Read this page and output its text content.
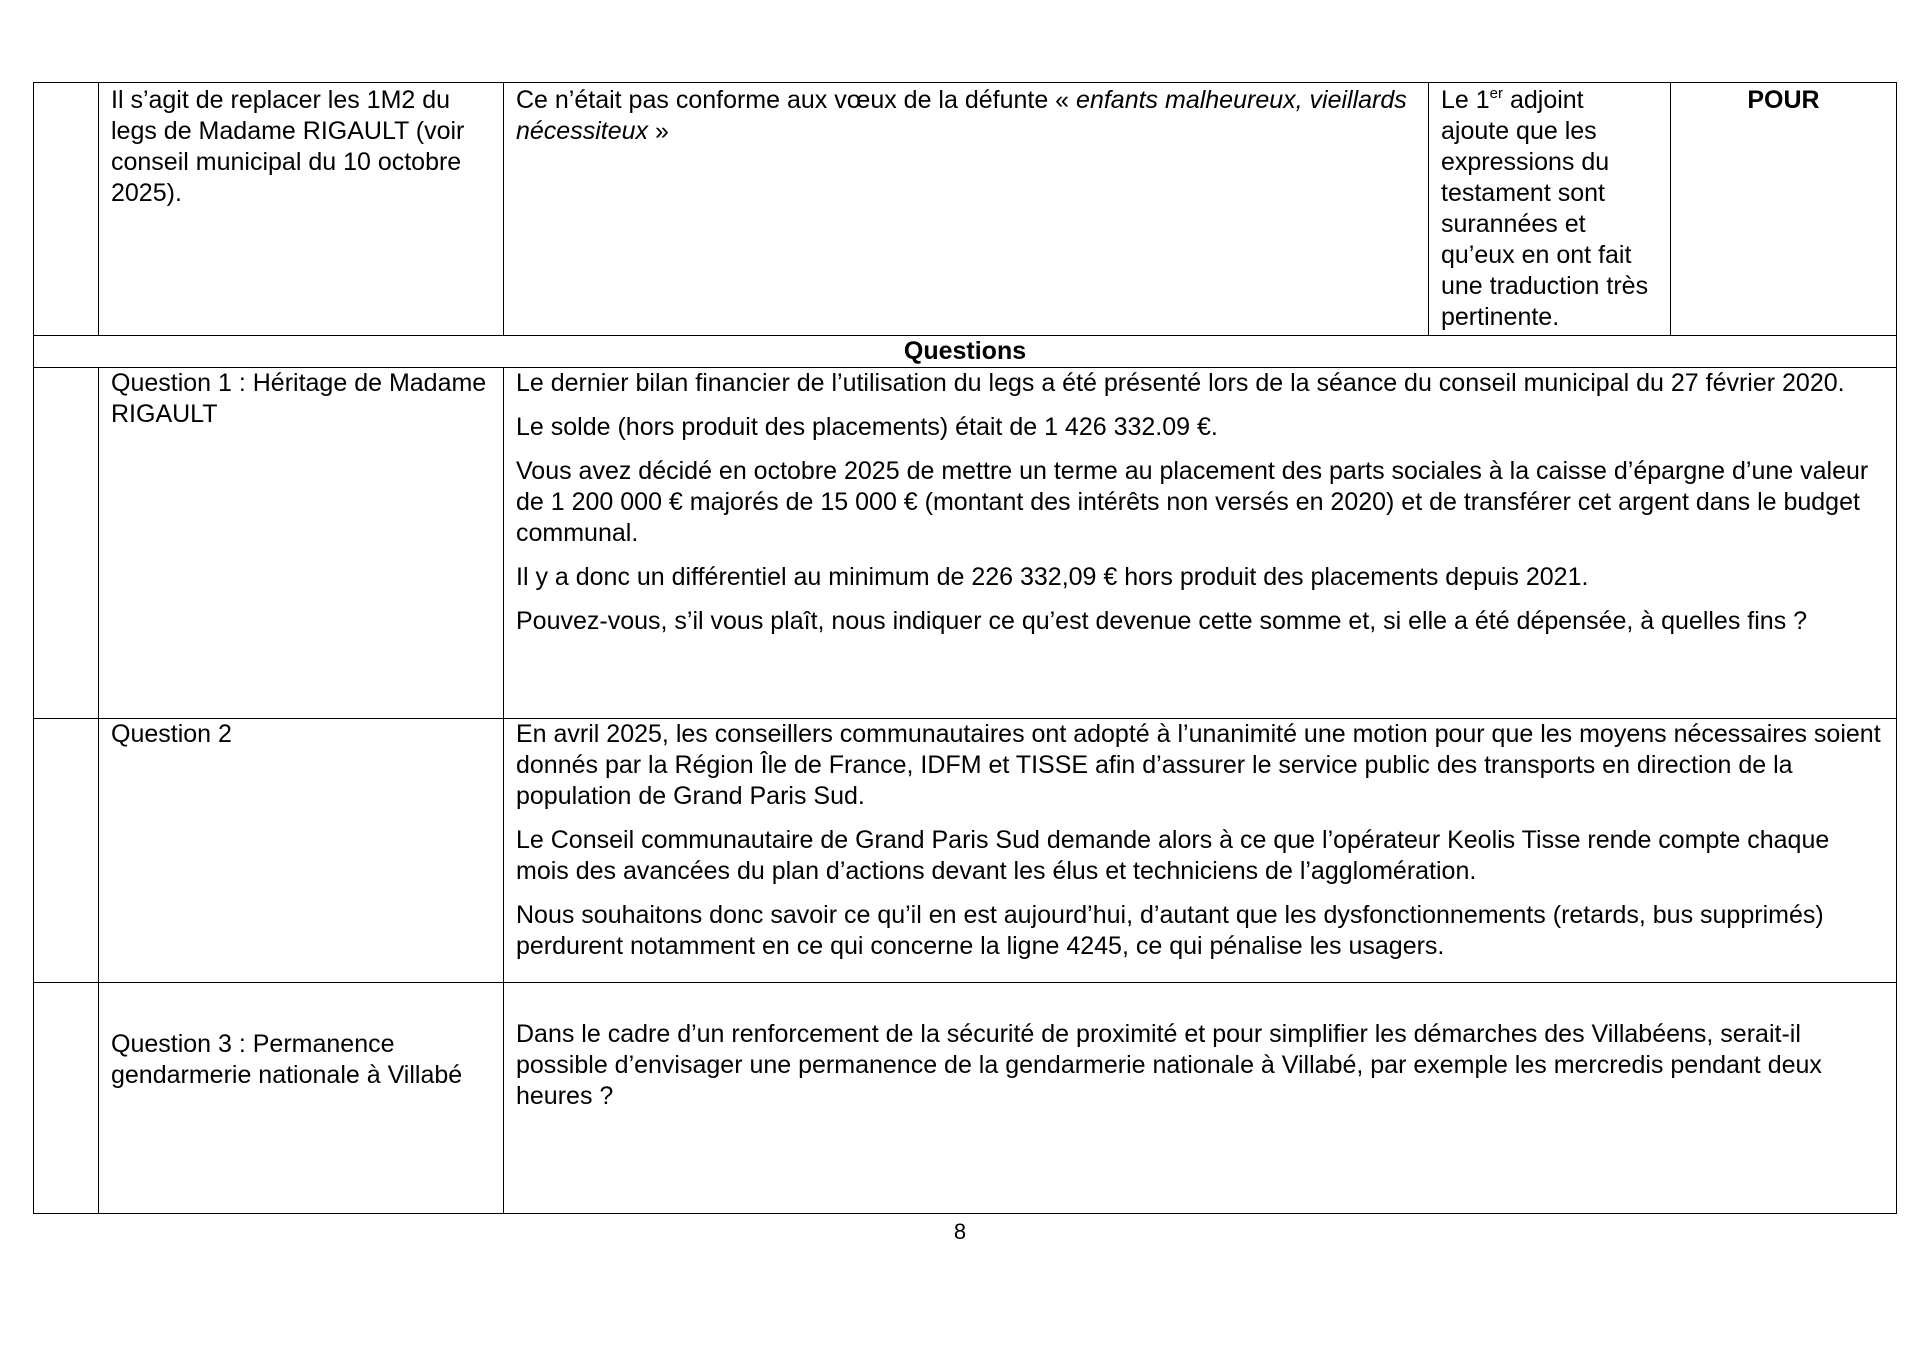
	Il s’agit de replacer les 1M2 du legs de Madame RIGAULT (voir conseil municipal du 10 octobre 2025).	Ce n’était pas conforme aux vœux de la défunte « enfants malheureux, vieillards nécessiteux »	Le 1er adjoint ajoute que les expressions du testament sont surannées et qu’eux en ont fait une traduction très pertinente.	POUR
Questions				
	Question 1 : Héritage de Madame RIGAULT	Le dernier bilan financier de l’utilisation du legs a été présenté lors de la séance du conseil municipal du 27 février 2020.

Le solde (hors produit des placements) était de 1 426 332.09 €.

Vous avez décidé en octobre 2025 de mettre un terme au placement des parts sociales à la caisse d’épargne d’une valeur de 1 200 000 € majorés de 15 000 € (montant des intérêts non versés en 2020) et de transférer cet argent dans le budget communal.

Il y a donc un différentiel au minimum de 226 332,09 € hors produit des placements depuis 2021.

Pouvez-vous, s’il vous plaît, nous indiquer ce qu’est devenue cette somme et, si elle a été dépensée, à quelles fins ?		

	Question 2	En avril 2025, les conseillers communautaires ont adopté à l’unanimité une motion pour que les moyens nécessaires soient donnés par la Région Île de France, IDFM et TISSE afin d’assurer le service public des transports en direction de la population de Grand Paris Sud.

Le Conseil communautaire de Grand Paris Sud demande alors à ce que l’opérateur Keolis Tisse rende compte chaque mois des avancées du plan d’actions devant les élus et techniciens de l’agglomération.

Nous souhaitons donc savoir ce qu’il en est aujourd’hui, d’autant que les dysfonctionnements (retards, bus supprimés) perdurent notamment en ce qui concerne la ligne 4245, ce qui pénalise les usagers.		

	Question 3 : Permanence gendarmerie nationale à Villabé	Dans le cadre d’un renforcement de la sécurité de proximité et pour simplifier les démarches des Villabéens, serait-il possible d’envisager une permanence de la gendarmerie nationale à Villabé, par exemple les mercredis pendant deux heures ?		

8
